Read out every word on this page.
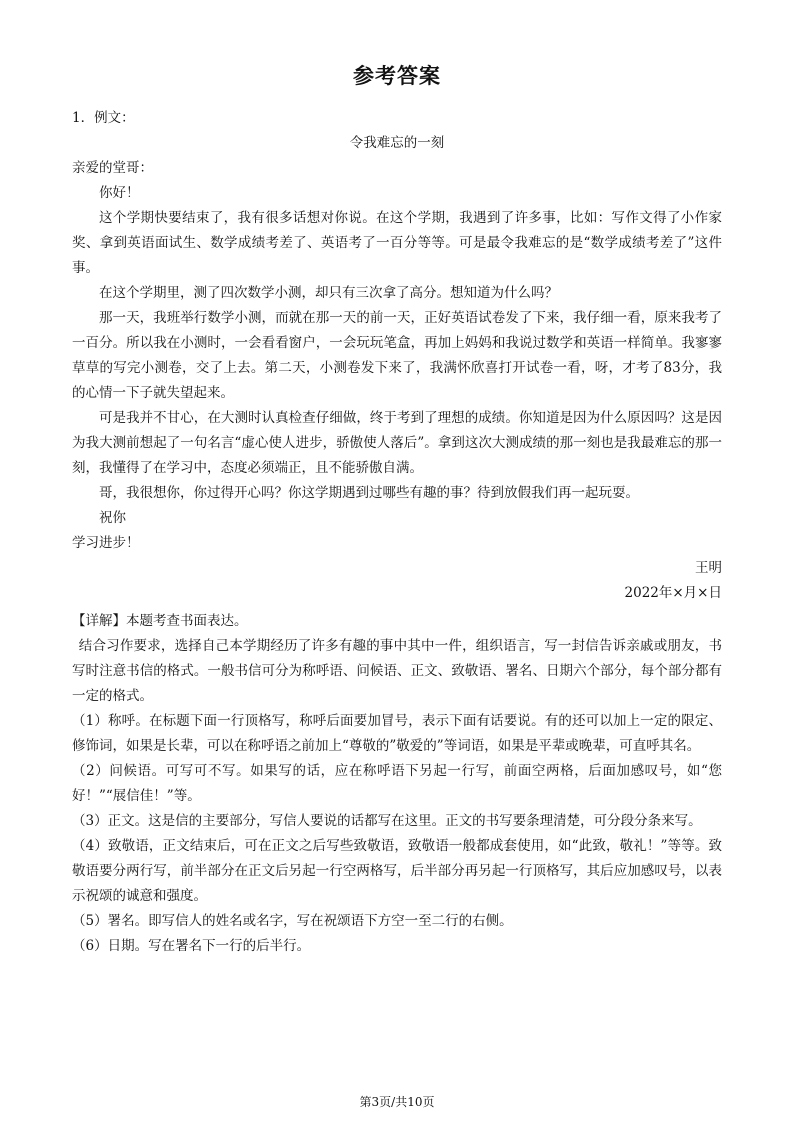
参考答案

1．例文：

令我难忘的一刻

亲爱的堂哥：

你好！

这个学期快要结束了，我有很多话想对你说。在这个学期，我遇到了许多事，比如：写作文得了小作家奖、拿到英语面试生、数学成绩考差了、英语考了一百分等等。可是最令我难忘的是“数学成绩考差了”这件事。

在这个学期里，测了四次数学小测，却只有三次拿了高分。想知道为什么吗？

那一天，我班举行数学小测，而就在那一天的前一天，正好英语试卷发了下来，我仔细一看，原来我考了一百分。所以我在小测时，一会看看窗户，一会玩玩笔盒，再加上妈妈和我说过数学和英语一样简单。我寥寥草草的写完小测卷，交了上去。第二天，小测卷发下来了，我满怀欣喜打开试卷一看，呀，才考了83分，我的心情一下子就失望起来。

可是我并不甘心，在大测时认真检查仔细做，终于考到了理想的成绩。你知道是因为什么原因吗？这是因为我大测前想起了一句名言“虚心使人进步，骄傲使人落后”。拿到这次大测成绩的那一刻也是我最难忘的那一刻，我懂得了在学习中，态度必须端正，且不能骄傲自满。

哥，我很想你，你过得开心吗？你这学期遇到过哪些有趣的事？待到放假我们再一起玩耍。

祝你

学习进步！

王明

2022年×月×日

【详解】本题考查书面表达。

结合习作要求，选择自己本学期经历了许多有趣的事中其中一件，组织语言，写一封信告诉亲戚或朋友，书写时注意书信的格式。一般书信可分为称呼语、问候语、正文、致敬语、署名、日期六个部分，每个部分都有一定的格式。

（1）称呼。在标题下面一行顶格写，称呼后面要加冒号，表示下面有话要说。有的还可以加上一定的限定、修饰词，如果是长辈，可以在称呼语之前加上“尊敬的”敬爱的”等词语，如果是平辈或晚辈，可直呼其名。

（2）问候语。可写可不写。如果写的话，应在称呼语下另起一行写，前面空两格，后面加感叹号，如“您好！”“展信佳！”等。

（3）正文。这是信的主要部分，写信人要说的话都写在这里。正文的书写要条理清楚，可分段分条来写。

（4）致敬语，正文结束后，可在正文之后写些致敬语，致敬语一般都成套使用，如“此致，敬礼！”等等。致敬语要分两行写，前半部分在正文后另起一行空两格写，后半部分再另起一行顶格写，其后应加感叹号，以表示祝颂的诚意和强度。

（5）署名。即写信人的姓名或名字，写在祝颂语下方空一至二行的右侧。

（6）日期。写在署名下一行的后半行。

第3页/共10页
